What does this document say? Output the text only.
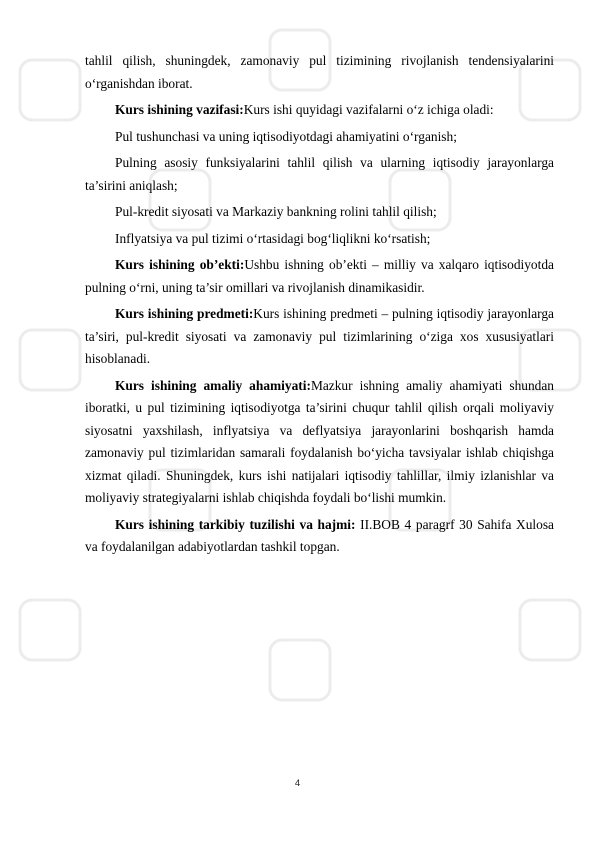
tahlil qilish, shuningdek, zamonaviy pul tizimining rivojlanish tendensiyalarini o‘rganishdan iborat.

Kurs ishining vazifasi:Kurs ishi quyidagi vazifalarni o‘z ichiga oladi:

Pul tushunchasi va uning iqtisodiyotdagi ahamiyatini o‘rganish;

Pulning asosiy funksiyalarini tahlil qilish va ularning iqtisodiy jarayonlarga ta’sirini aniqlash;

Pul-kredit siyosati va Markaziy bankning rolini tahlil qilish;

Inflyatsiya va pul tizimi o‘rtasidagi bog‘liqlikni ko‘rsatish;

Kurs ishining ob’ekti:Ushbu ishning ob’ekti – milliy va xalqaro iqtisodiyotda pulning o‘rni, uning ta’sir omillari va rivojlanish dinamikasidir.

Kurs ishining predmeti:Kurs ishining predmeti – pulning iqtisodiy jarayonlarga ta’siri, pul-kredit siyosati va zamonaviy pul tizimlarining o‘ziga xos xususiyatlari hisoblanadi.

Kurs ishining amaliy ahamiyati:Mazkur ishning amaliy ahamiyati shundan iboratki, u pul tizimining iqtisodiyotga ta’sirini chuqur tahlil qilish orqali moliyaviy siyosatni yaxshilash, inflyatsiya va deflyatsiya jarayonlarini boshqarish hamda zamonaviy pul tizimlaridan samarali foydalanish bo‘yicha tavsiyalar ishlab chiqishga xizmat qiladi. Shuningdek, kurs ishi natijalari iqtisodiy tahlillar, ilmiy izlanishlar va moliyaviy strategiyalarni ishlab chiqishda foydali bo‘lishi mumkin.

Kurs ishining tarkibiy tuzilishi va hajmi: II.BOB 4 paragrf 30 Sahifa Xulosa va foydalanilgan adabiyotlardan tashkil topgan.

4
